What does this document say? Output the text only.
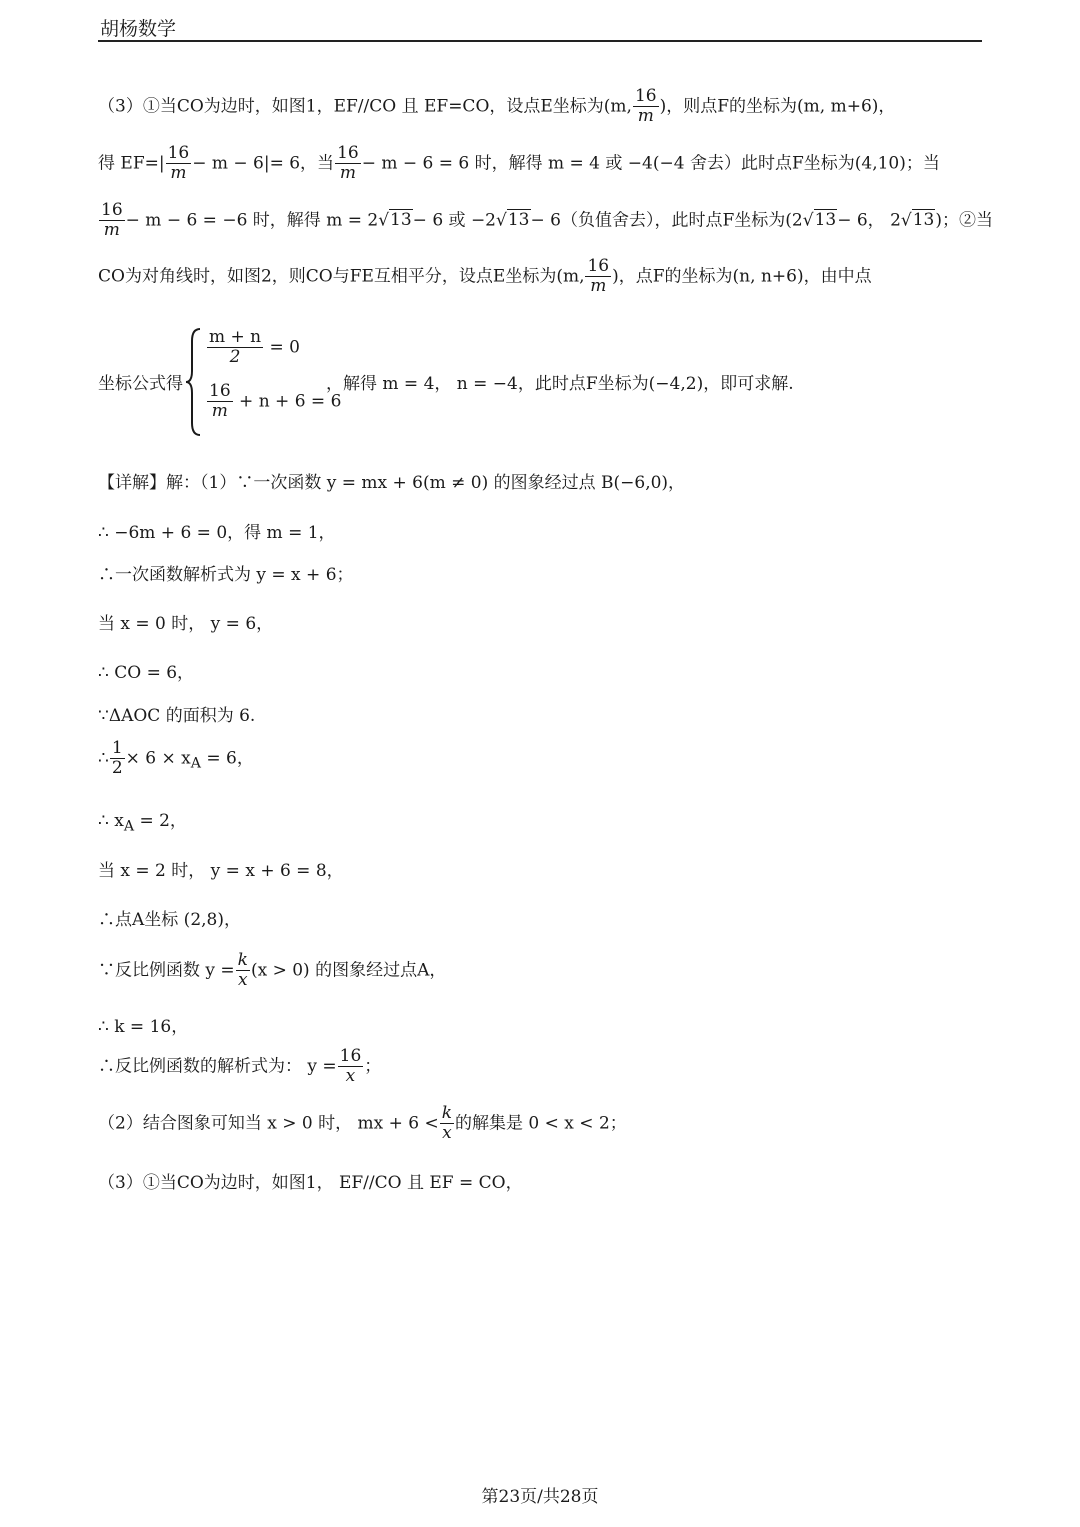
胡杨数学
（3）①当CO为边时，如图1，EF//CO 且 EF=CO，设点E坐标为(m, $\frac{16}{m}$ )，则点F的坐标为(m, m+6)，
得 $EF=| \frac{16}{m} - m - 6|= 6$，当 $\frac{16}{m} - m - 6 = 6$ 时，解得 m = 4 或 −4(−4 舍去）此时点F坐标为(4,10)；当
$\frac{16}{m} - m - 6 = -6$ 时，解得 m = 2√13− 6 或 −2√13− 6（负值舍去），此时点F坐标为(2√13− 6， 2√13)；②当
CO为对角线时，如图2，则CO与FE互相平分，设点E坐标为(m, $\frac{16}{m}$ )，点F的坐标为(n, n+6)，由中点
坐标公式得
$\frac{m + n}{2} = 0$
$\frac{16}{m} + n + 6 = 6$
，解得 m = 4， n = −4，此时点F坐标为(−4,2)，即可求解.
【详解】解：（1）∵一次函数 y = mx + 6(m ≠ 0) 的图象经过点 B(−6,0)，
∴ −6m + 6 = 0，得 m = 1，
∴一次函数解析式为 y = x + 6；
当 x = 0 时， y = 6，
∴ CO = 6，
∵ΔAOC 的面积为 6.
∴ $\frac{1}{2} \times 6 \times x_A = 6$，
∴ $x_A = 2$，
当 x = 2 时， y = x + 6 = 8，
∴点A坐标 (2,8)，
∵反比例函数 $y = \frac{k}{x} (x > 0)$ 的图象经过点A，
∴ k = 16，
∴反比例函数的解析式为： $y = \frac{16}{x}$ ；
（2）结合图象可知当 x > 0 时， mx + $6 < \frac{k}{x}$ 的解集是 0 < x < 2；
（3）①当CO为边时，如图1， EF//CO 且 EF = CO，
第23页/共28页
